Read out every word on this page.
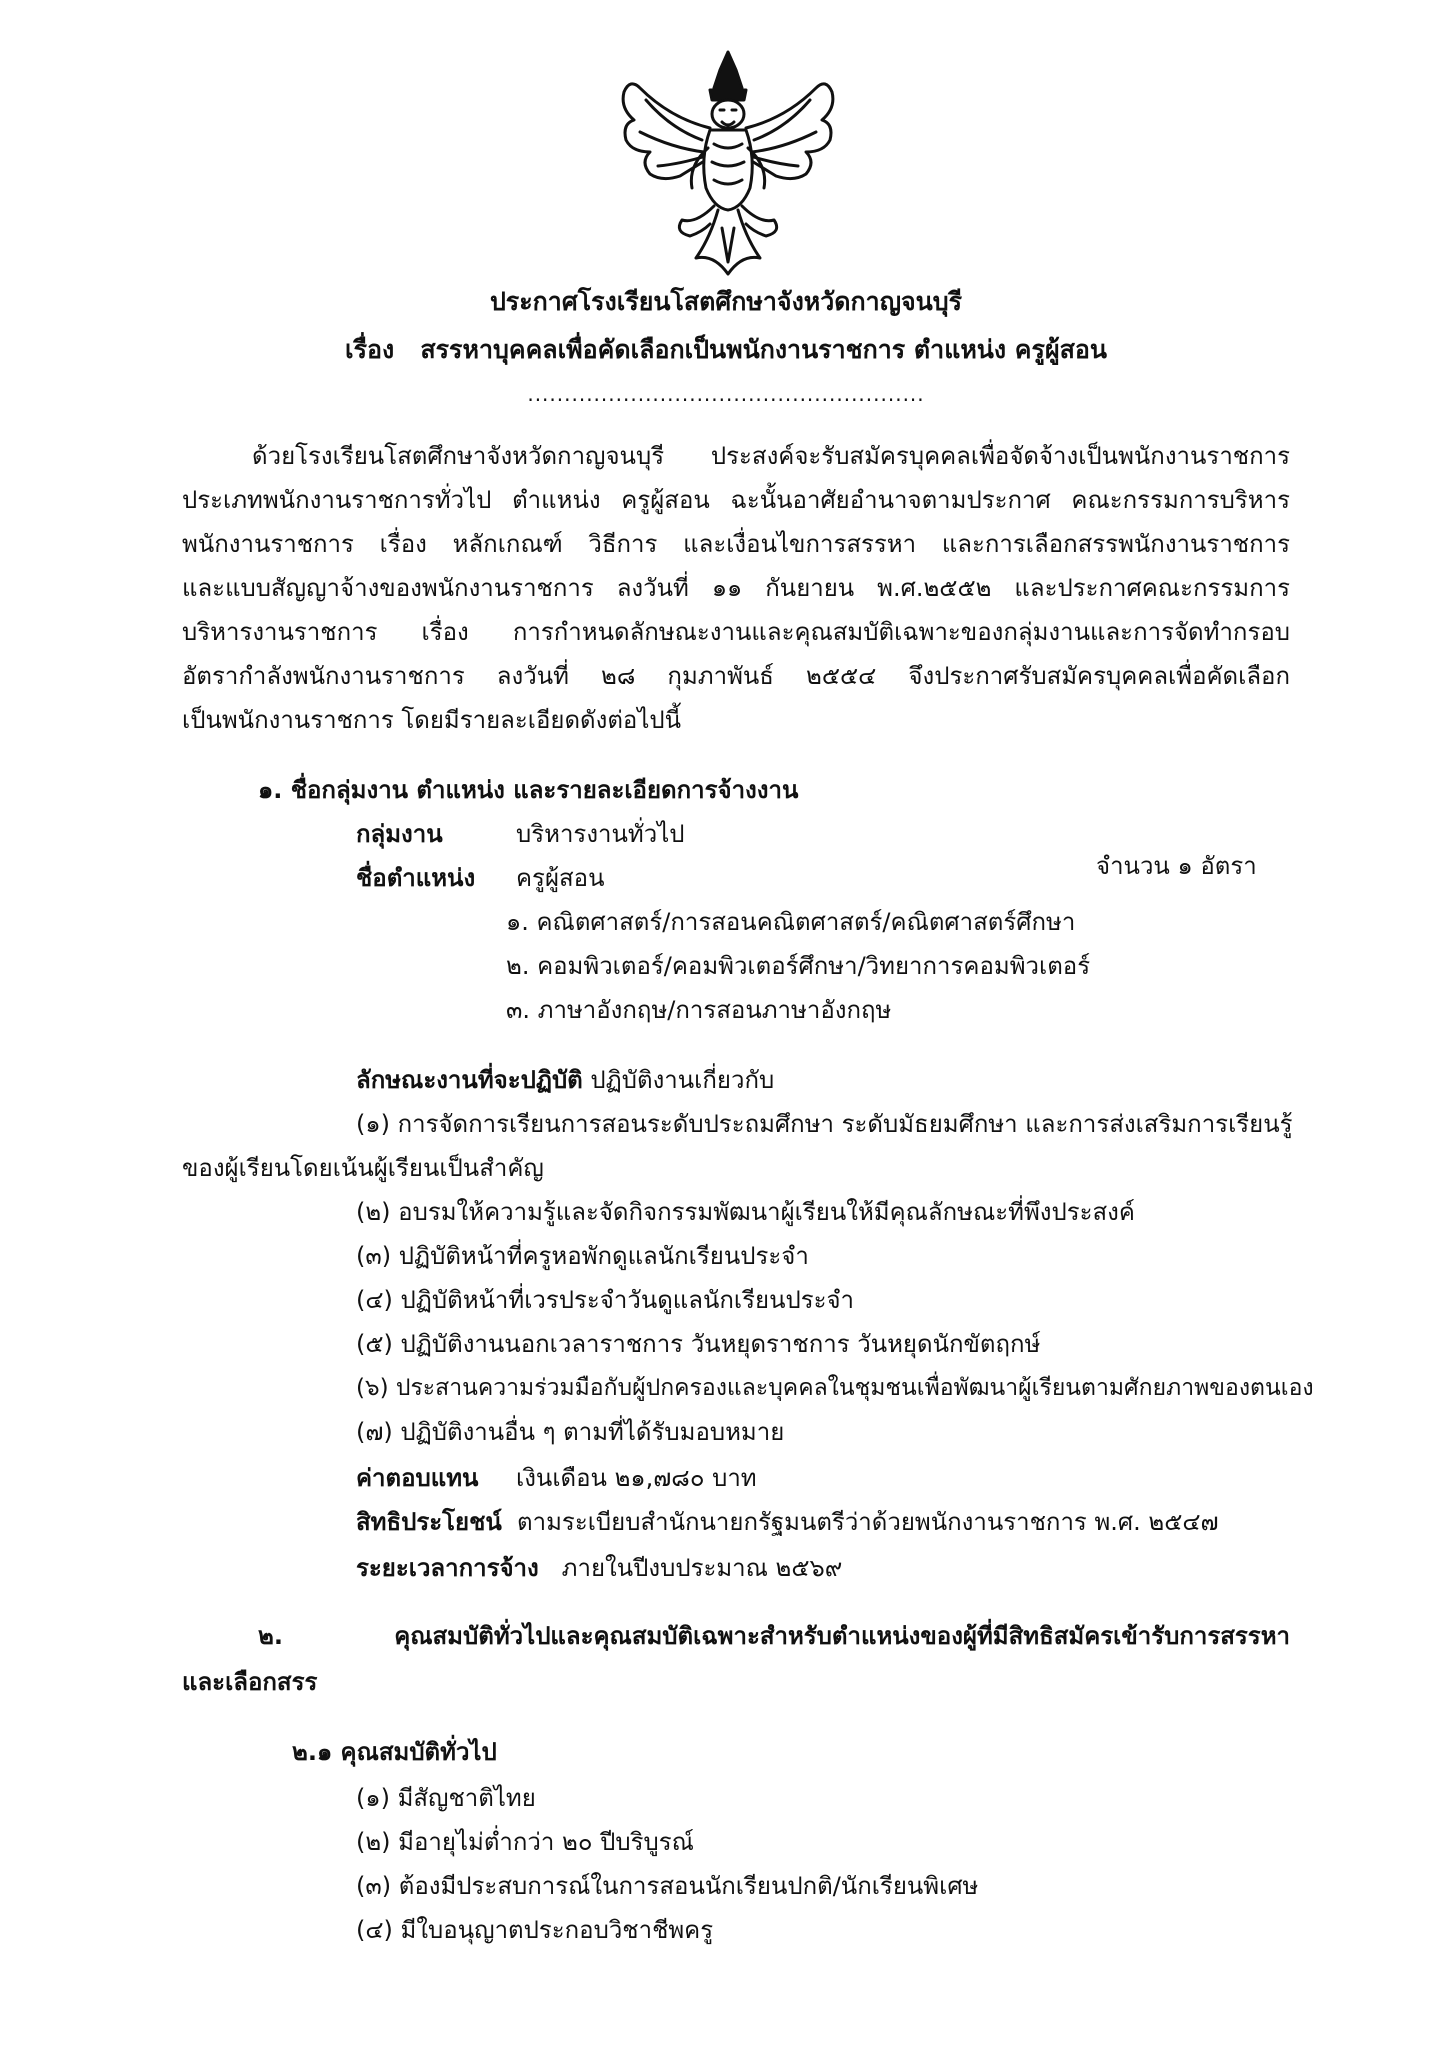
ประกาศโรงเรียนโสตศึกษาจังหวัดกาญจนบุรี
เรื่อง สรรหาบุคคลเพื่อคัดเลือกเป็นพนักงานราชการ ตำแหน่ง ครูผู้สอน
......................................................
ด้วยโรงเรียนโสตศึกษาจังหวัดกาญจนบุรี ประสงค์จะรับสมัครบุคคลเพื่อจัดจ้างเป็นพนักงานราชการ
ประเภทพนักงานราชการทั่วไป ตำแหน่ง ครูผู้สอน ฉะนั้นอาศัยอำนาจตามประกาศ คณะกรรมการบริหาร
พนักงานราชการ เรื่อง หลักเกณฑ์ วิธีการ และเงื่อนไขการสรรหา และการเลือกสรรพนักงานราชการ
และแบบสัญญาจ้างของพนักงานราชการ ลงวันที่ ๑๑ กันยายน พ.ศ.๒๕๕๒ และประกาศคณะกรรมการ
บริหารงานราชการ เรื่อง การกำหนดลักษณะงานและคุณสมบัติเฉพาะของกลุ่มงานและการจัดทำกรอบ
อัตรากำลังพนักงานราชการ ลงวันที่ ๒๘ กุมภาพันธ์ ๒๕๕๔ จึงประกาศรับสมัครบุคคลเพื่อคัดเลือก
เป็นพนักงานราชการ โดยมีรายละเอียดดังต่อไปนี้
๑. ชื่อกลุ่มงาน ตำแหน่ง และรายละเอียดการจ้างงาน
กลุ่มงาน	บริหารงานทั่วไป
ชื่อตำแหน่ง ครูผู้สอน	จำนวน ๑ อัตรา
๑. คณิตศาสตร์/การสอนคณิตศาสตร์/คณิตศาสตร์ศึกษา
๒. คอมพิวเตอร์/คอมพิวเตอร์ศึกษา/วิทยาการคอมพิวเตอร์
๓. ภาษาอังกฤษ/การสอนภาษาอังกฤษ
ลักษณะงานที่จะปฏิบัติ ปฏิบัติงานเกี่ยวกับ
(๑) การจัดการเรียนการสอนระดับประถมศึกษา ระดับมัธยมศึกษา และการส่งเสริมการเรียนรู้
ของผู้เรียนโดยเน้นผู้เรียนเป็นสำคัญ
(๒) อบรมให้ความรู้และจัดกิจกรรมพัฒนาผู้เรียนให้มีคุณลักษณะที่พึงประสงค์
(๓) ปฏิบัติหน้าที่ครูหอพักดูแลนักเรียนประจำ
(๔) ปฏิบัติหน้าที่เวรประจำวันดูแลนักเรียนประจำ
(๕) ปฏิบัติงานนอกเวลาราชการ วันหยุดราชการ วันหยุดนักขัตฤกษ์
(๖) ประสานความร่วมมือกับผู้ปกครองและบุคคลในชุมชนเพื่อพัฒนาผู้เรียนตามศักยภาพของตนเอง
(๗) ปฏิบัติงานอื่น ๆ ตามที่ได้รับมอบหมาย
ค่าตอบแทน เงินเดือน ๒๑,๗๘๐ บาท
สิทธิประโยชน์ ตามระเบียบสำนักนายกรัฐมนตรีว่าด้วยพนักงานราชการ พ.ศ. ๒๕๔๗
ระยะเวลาการจ้าง ภายในปีงบประมาณ ๒๕๖๙
๒. คุณสมบัติทั่วไปและคุณสมบัติเฉพาะสำหรับตำแหน่งของผู้ที่มีสิทธิสมัครเข้ารับการสรรหา
และเลือกสรร
๒.๑ คุณสมบัติทั่วไป
(๑) มีสัญชาติไทย
(๒) มีอายุไม่ต่ำกว่า ๒๐ ปีบริบูรณ์
(๓) ต้องมีประสบการณ์ในการสอนนักเรียนปกติ/นักเรียนพิเศษ
(๔) มีใบอนุญาตประกอบวิชาชีพครู
